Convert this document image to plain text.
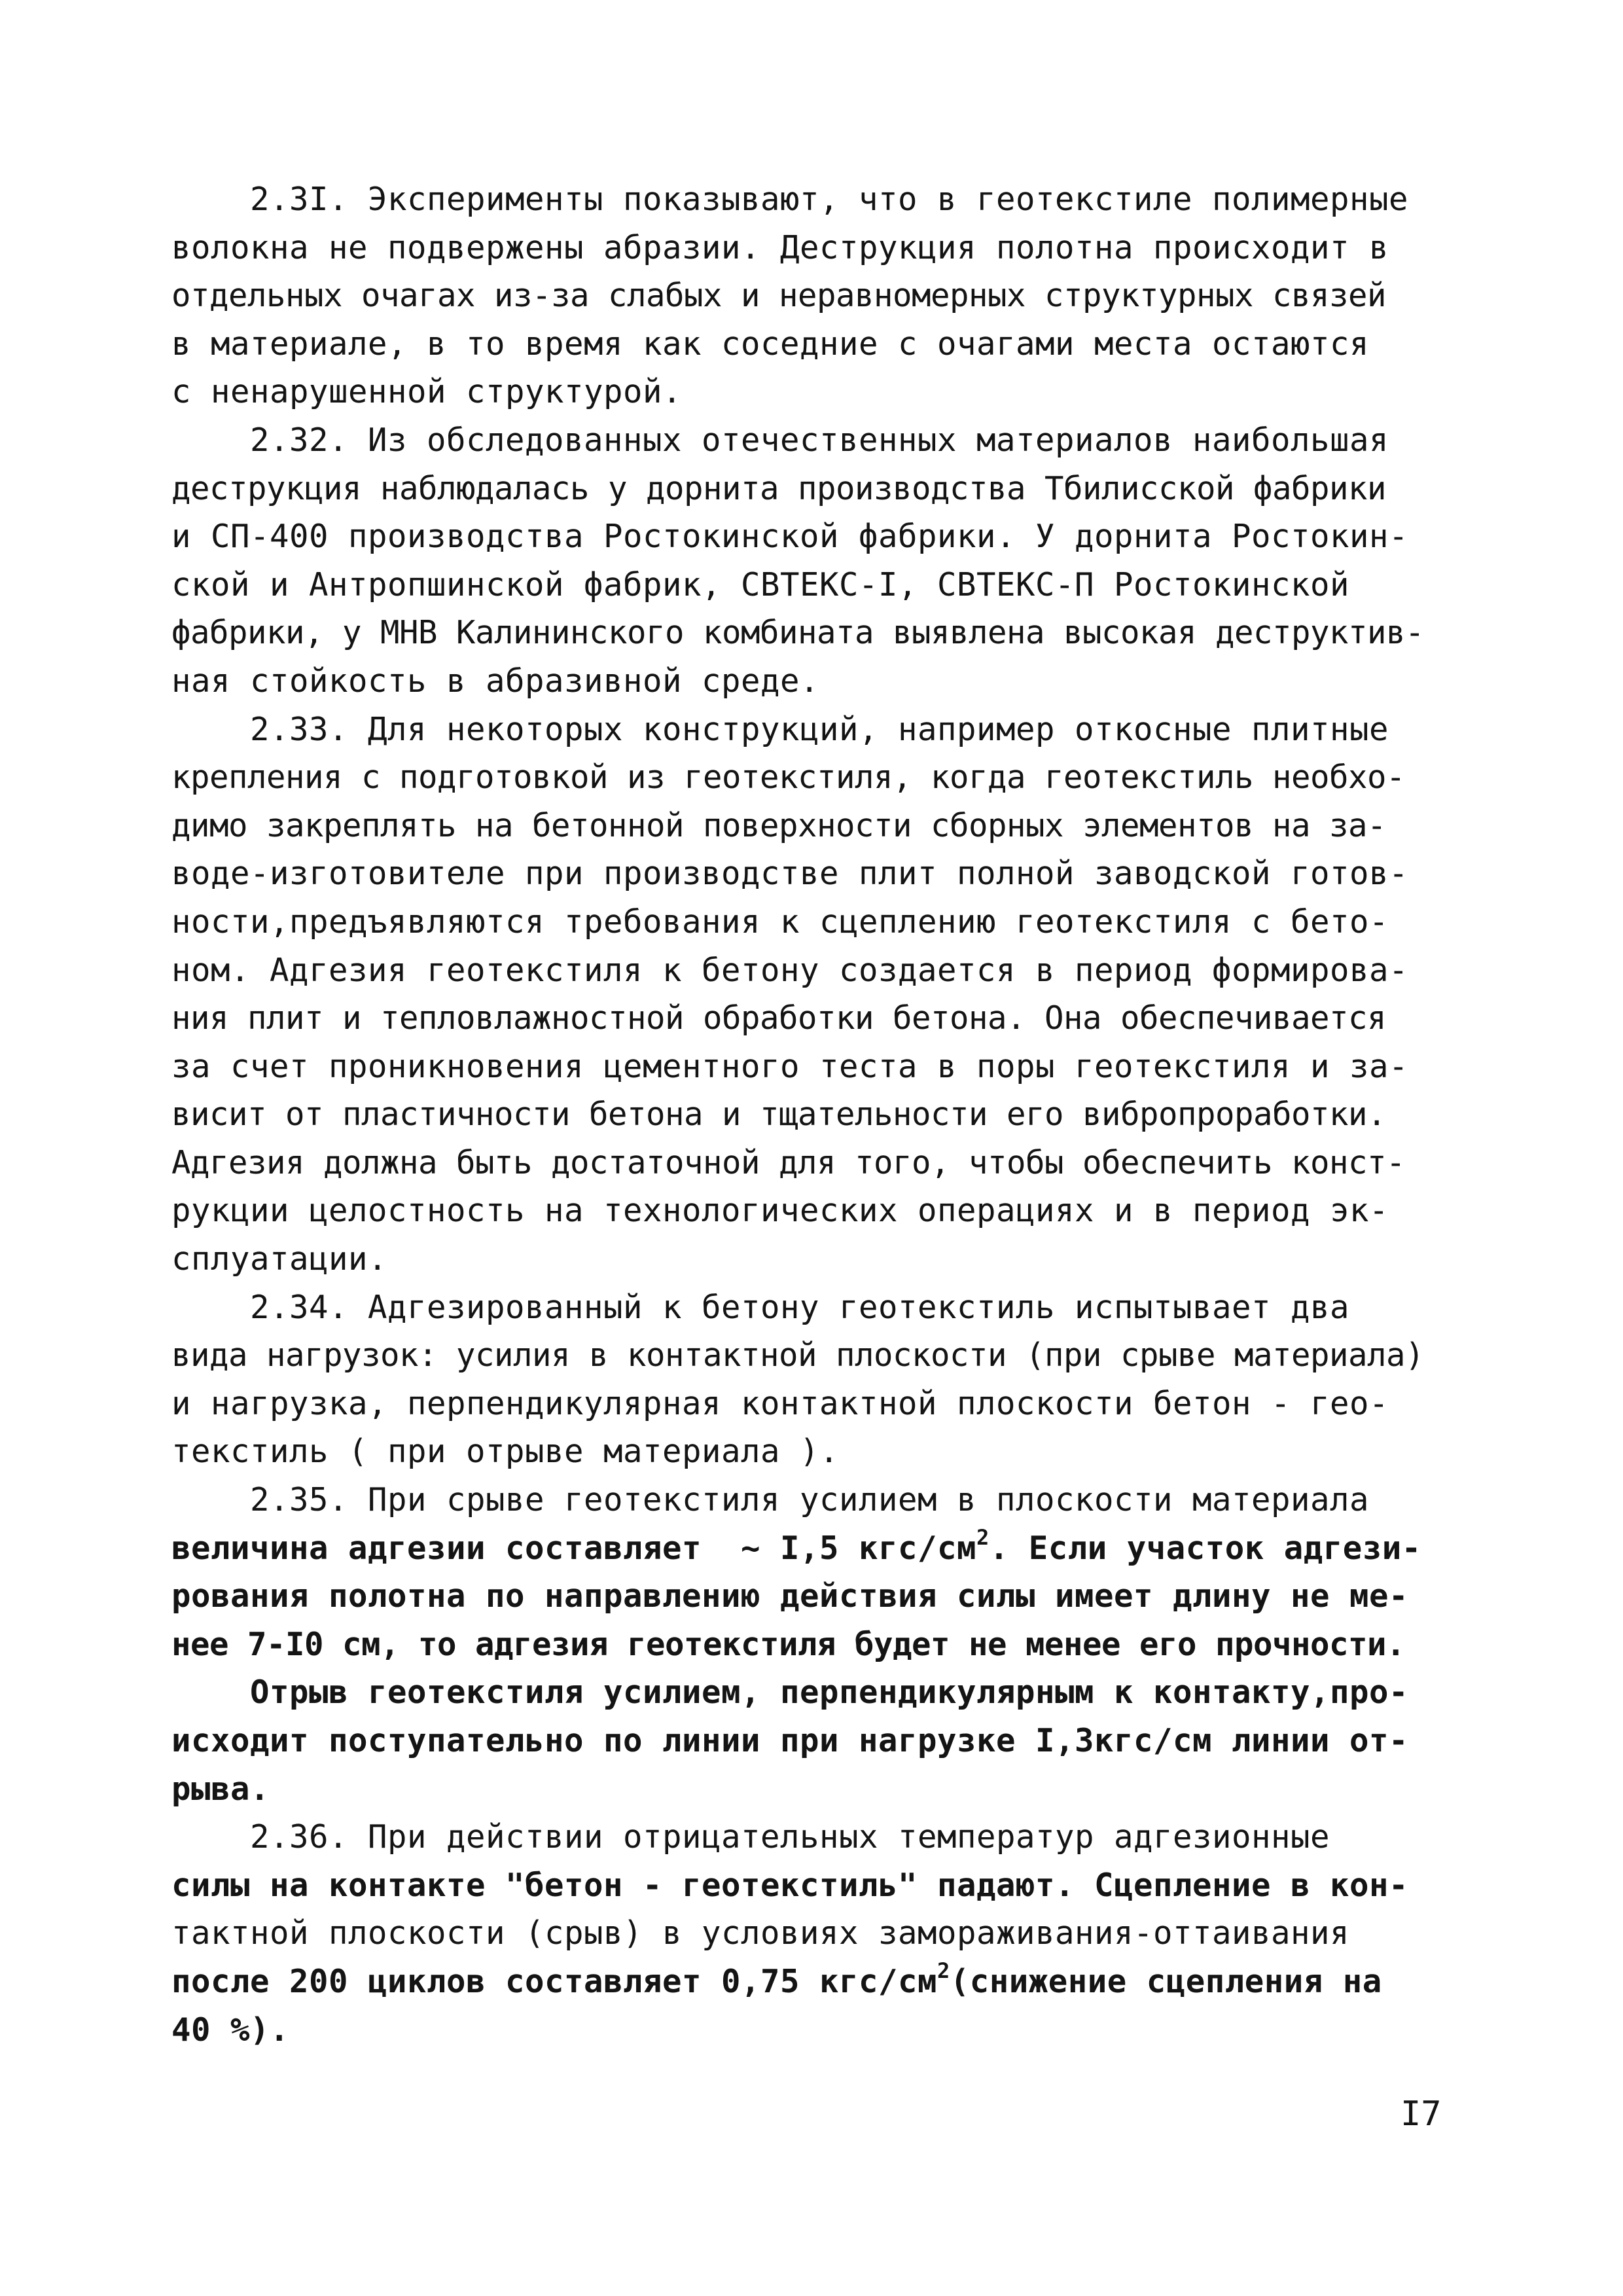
2.3I. Эксперименты показывают, что в геотекстиле полимерные
волокна не подвержены абразии. Деструкция полотна происходит в
отдельных очагах из-за слабых и неравномерных структурных связей
в материале, в то время как соседние с очагами места остаются
с ненарушенной структурой.
2.32. Из обследованных отечественных материалов наибольшая
деструкция наблюдалась у дорнита производства Тбилисской фабрики
и СП-400 производства Ростокинской фабрики. У дорнита Ростокин-
ской и Антропшинской фабрик, СВТЕКС-I, СВТЕКС-П Ростокинской
фабрики, у МНВ Калининского комбината выявлена высокая деструктив-
ная стойкость в абразивной среде.
2.33. Для некоторых конструкций, например откосные плитные
крепления с подготовкой из геотекстиля, когда геотекстиль необхо-
димо закреплять на бетонной поверхности сборных элементов на за-
воде-изготовителе при производстве плит полной заводской готов-
ности,предъявляются требования к сцеплению геотекстиля с бето-
ном. Адгезия геотекстиля к бетону создается в период формирова-
ния плит и тепловлажностной обработки бетона. Она обеспечивается
за счет проникновения цементного теста в поры геотекстиля и за-
висит от пластичности бетона и тщательности его вибропроработки.
Адгезия должна быть достаточной для того, чтобы обеспечить конст-
рукции целостность на технологических операциях и в период эк-
сплуатации.
2.34. Адгезированный к бетону геотекстиль испытывает два
вида нагрузок: усилия в контактной плоскости (при срыве материала)
и нагрузка, перпендикулярная контактной плоскости бетон - гео-
текстиль ( при отрыве материала ).
2.35. При срыве геотекстиля усилием в плоскости материала
величина адгезии составляет  ~ I,5 кгс/$см^2$. Если участок адгези-
рования полотна по направлению действия силы имеет длину не ме-
нее 7-I0 см, то адгезия геотекстиля будет не менее его прочности.
Отрыв геотекстиля усилием, перпендикулярным к контакту,про-
исходит поступательно по линии при нагрузке I,3кгс/см линии от-
рыва.
2.36. При действии отрицательных температур адгезионные
силы на контакте "бетон - геотекстиль" падают. Сцепление в кон-
тактной плоскости (срыв) в условиях замораживания-оттаивания
после 200 циклов составляет 0,75 кгс/$см^2(снижение$ сцепления на
40 %).
I7
